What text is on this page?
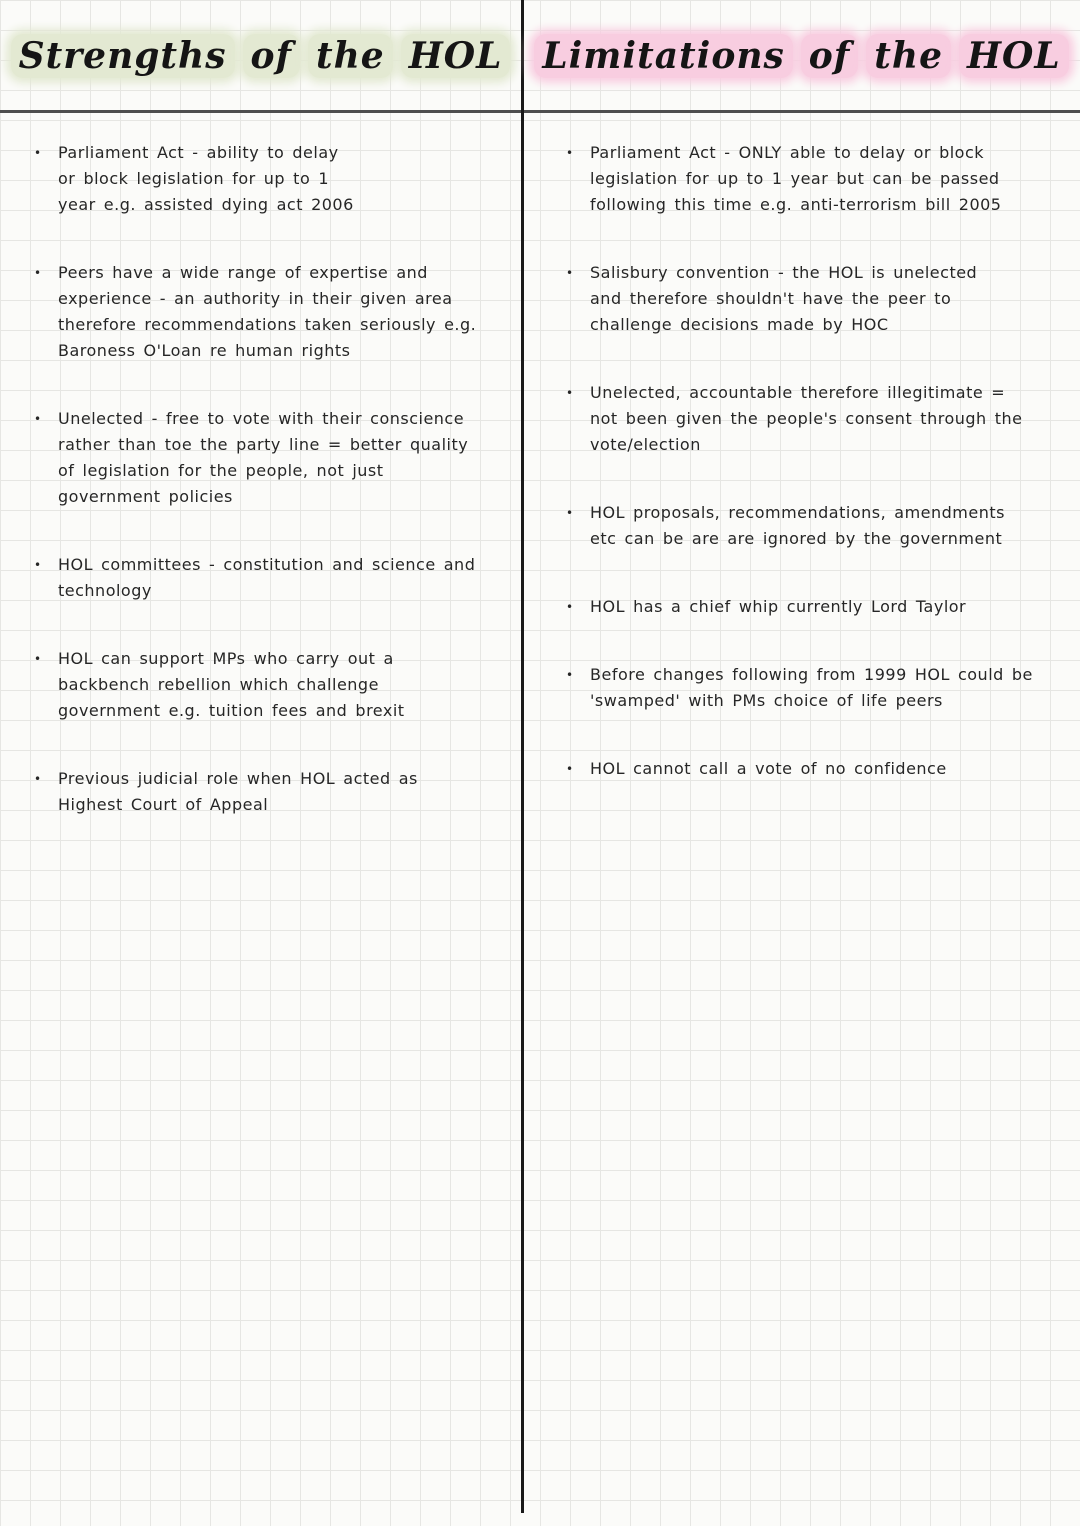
Strengths of the HOL	Limitations of the HOL
•	Parliament Act - ability to delay
or block legislation for up to 1
year e.g. assisted dying act 2006
•	Peers have a wide range of expertise and
experience - an authority in their given area
therefore recommendations taken seriously e.g.
Baroness O'Loan re human rights
•	Unelected - free to vote with their conscience
rather than toe the party line = better quality
of legislation for the people, not just
government policies
•	HOL committees - constitution and science and
technology
•	HOL can support MPs who carry out a
backbench rebellion which challenge
government e.g. tuition fees and brexit
•	Previous judicial role when HOL acted as
Highest Court of Appeal
•	Parliament Act - ONLY able to delay or block
legislation for up to 1 year but can be passed
following this time e.g. anti-terrorism bill 2005
•	Salisbury convention - the HOL is unelected
and therefore shouldn't have the peer to
challenge decisions made by HOC
•	Unelected, accountable therefore illegitimate =
not been given the people's consent through the
vote/election
•	HOL proposals, recommendations, amendments
etc can be are are ignored by the government
•	HOL has a chief whip currently Lord Taylor
•	Before changes following from 1999 HOL could be
'swamped' with PMs choice of life peers
•	HOL cannot call a vote of no confidence
